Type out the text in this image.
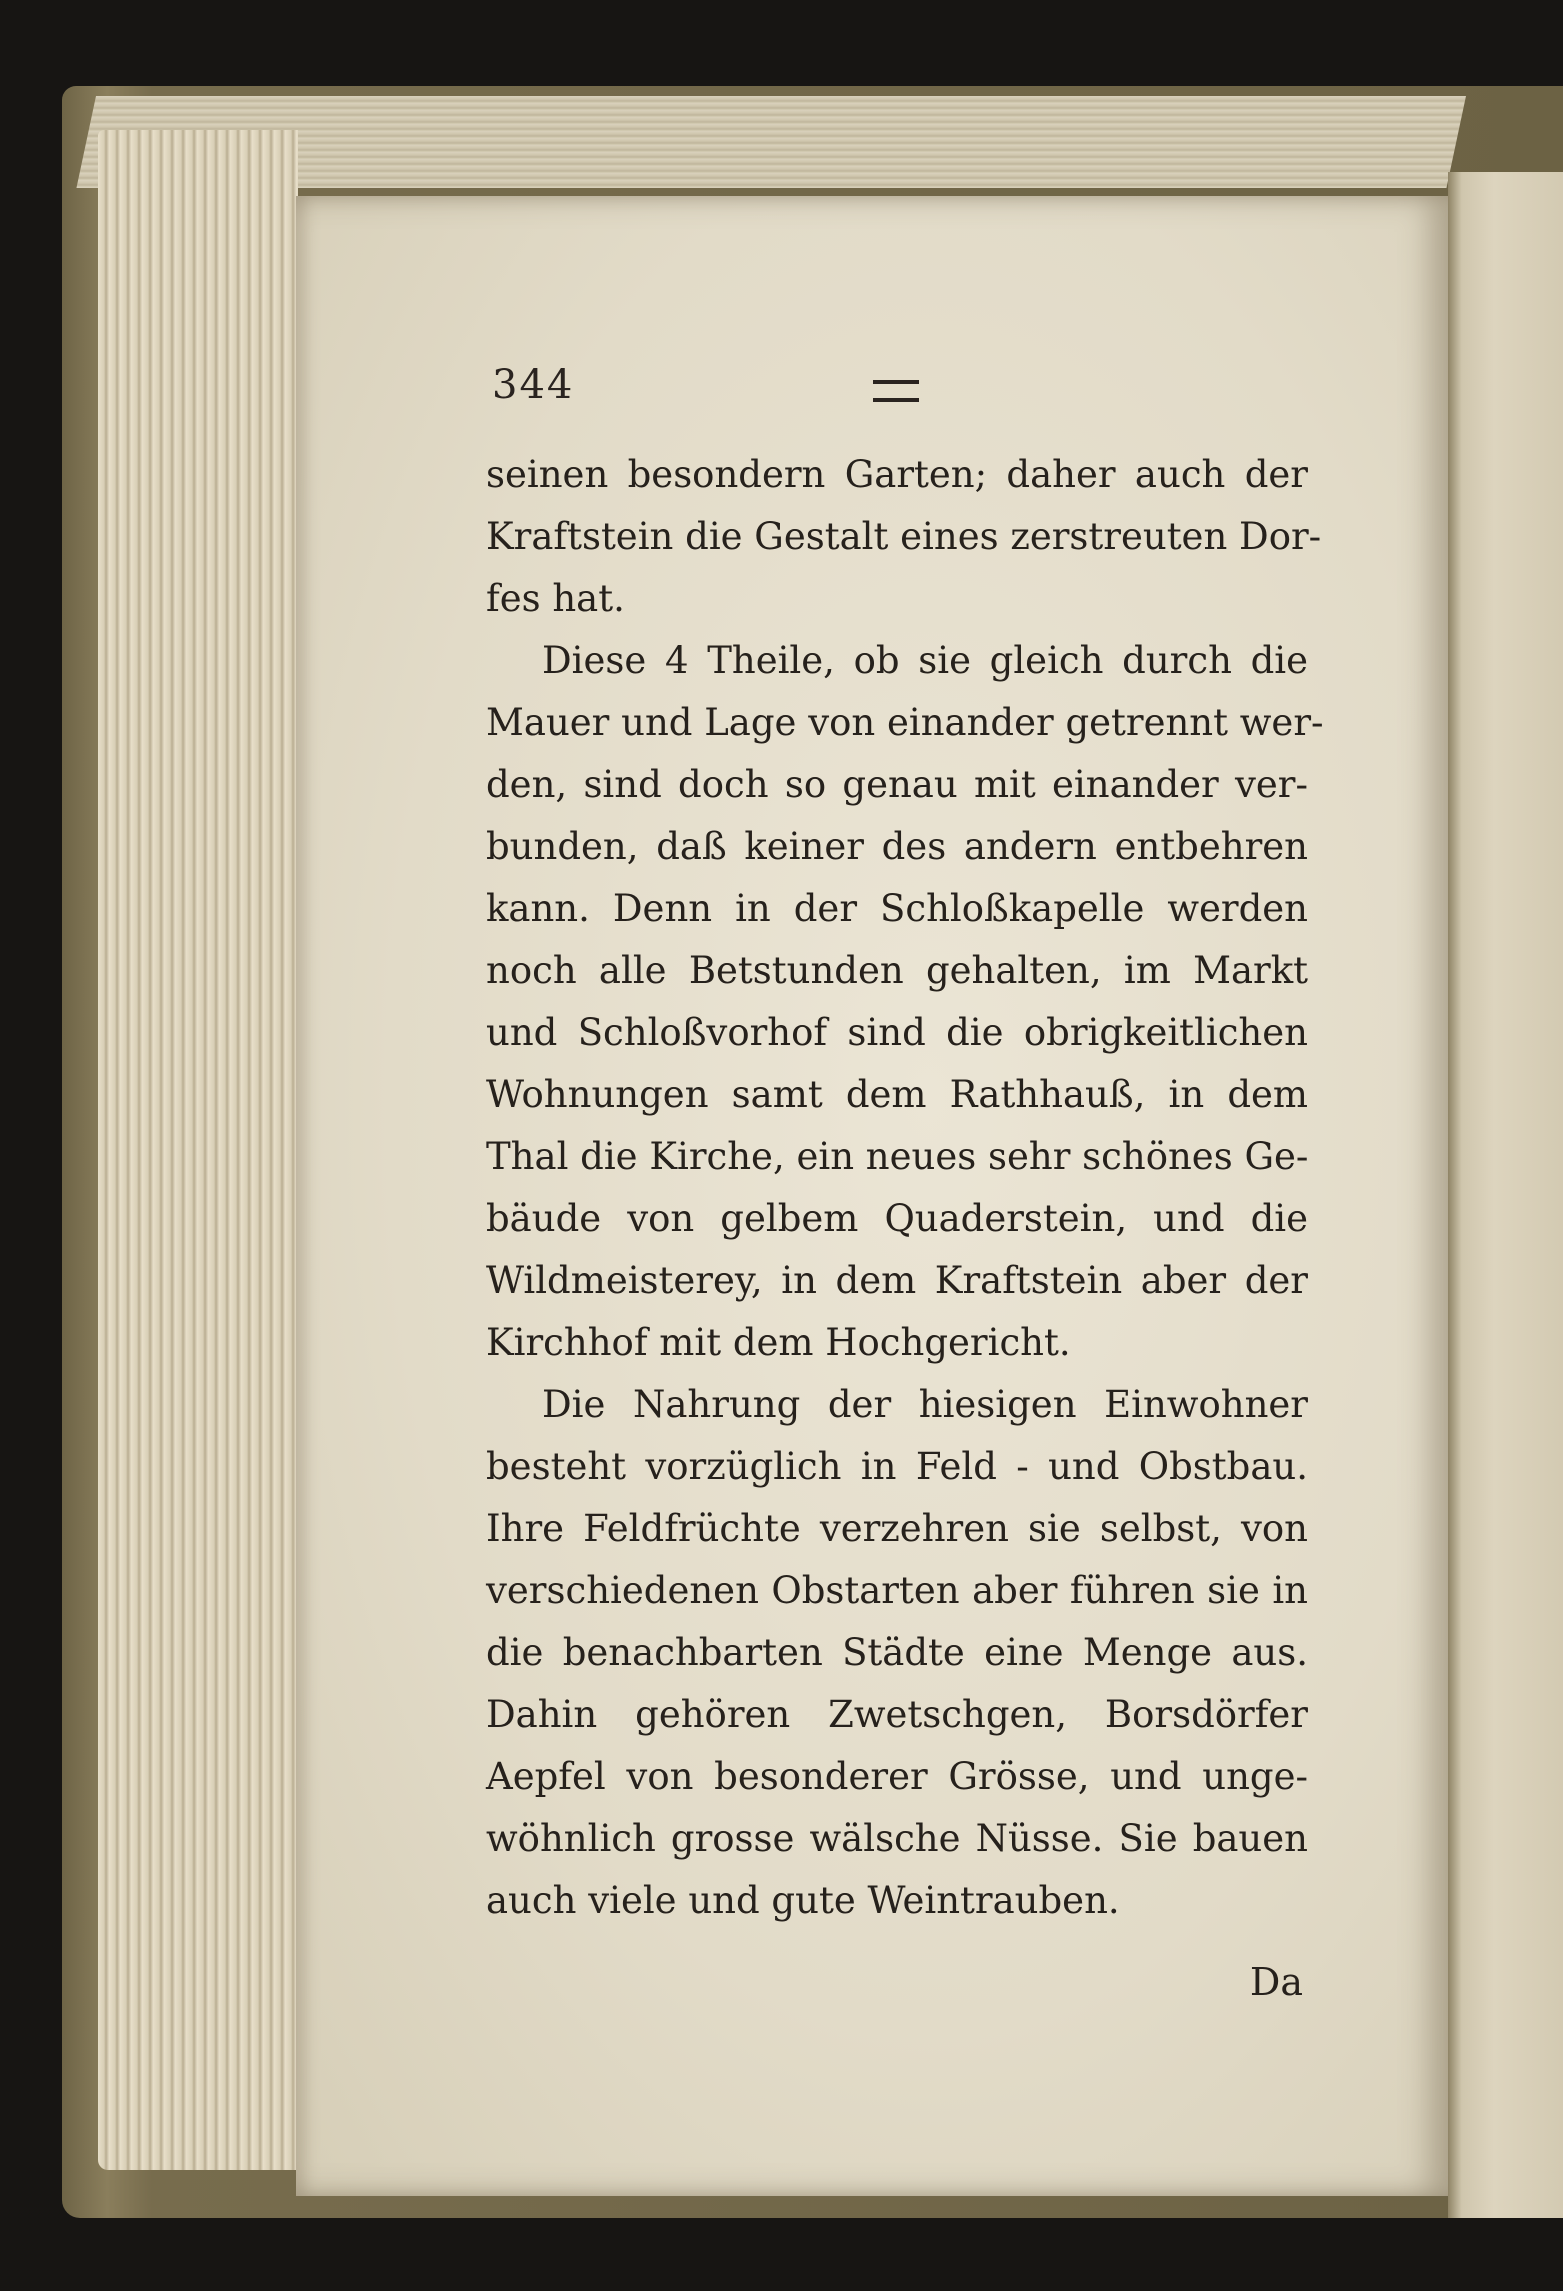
344
seinen besondern Garten; daher auch der
Kraftstein die Gestalt eines zerstreuten Dor-
fes hat.
Diese 4 Theile, ob sie gleich durch die
Mauer und Lage von einander getrennt wer-
den, sind doch so genau mit einander ver-
bunden, daß keiner des andern entbehren
kann. Denn in der Schloßkapelle werden
noch alle Betstunden gehalten, im Markt
und Schloßvorhof sind die obrigkeitlichen
Wohnungen samt dem Rathhauß, in dem
Thal die Kirche, ein neues sehr schönes Ge-
bäude von gelbem Quaderstein, und die
Wildmeisterey, in dem Kraftstein aber der
Kirchhof mit dem Hochgericht.
Die Nahrung der hiesigen Einwohner
besteht vorzüglich in Feld - und Obstbau.
Ihre Feldfrüchte verzehren sie selbst, von
verschiedenen Obstarten aber führen sie in
die benachbarten Städte eine Menge aus.
Dahin gehören Zwetschgen, Borsdörfer
Aepfel von besonderer Grösse, und unge-
wöhnlich grosse wälsche Nüsse. Sie bauen
auch viele und gute Weintrauben.
Da
